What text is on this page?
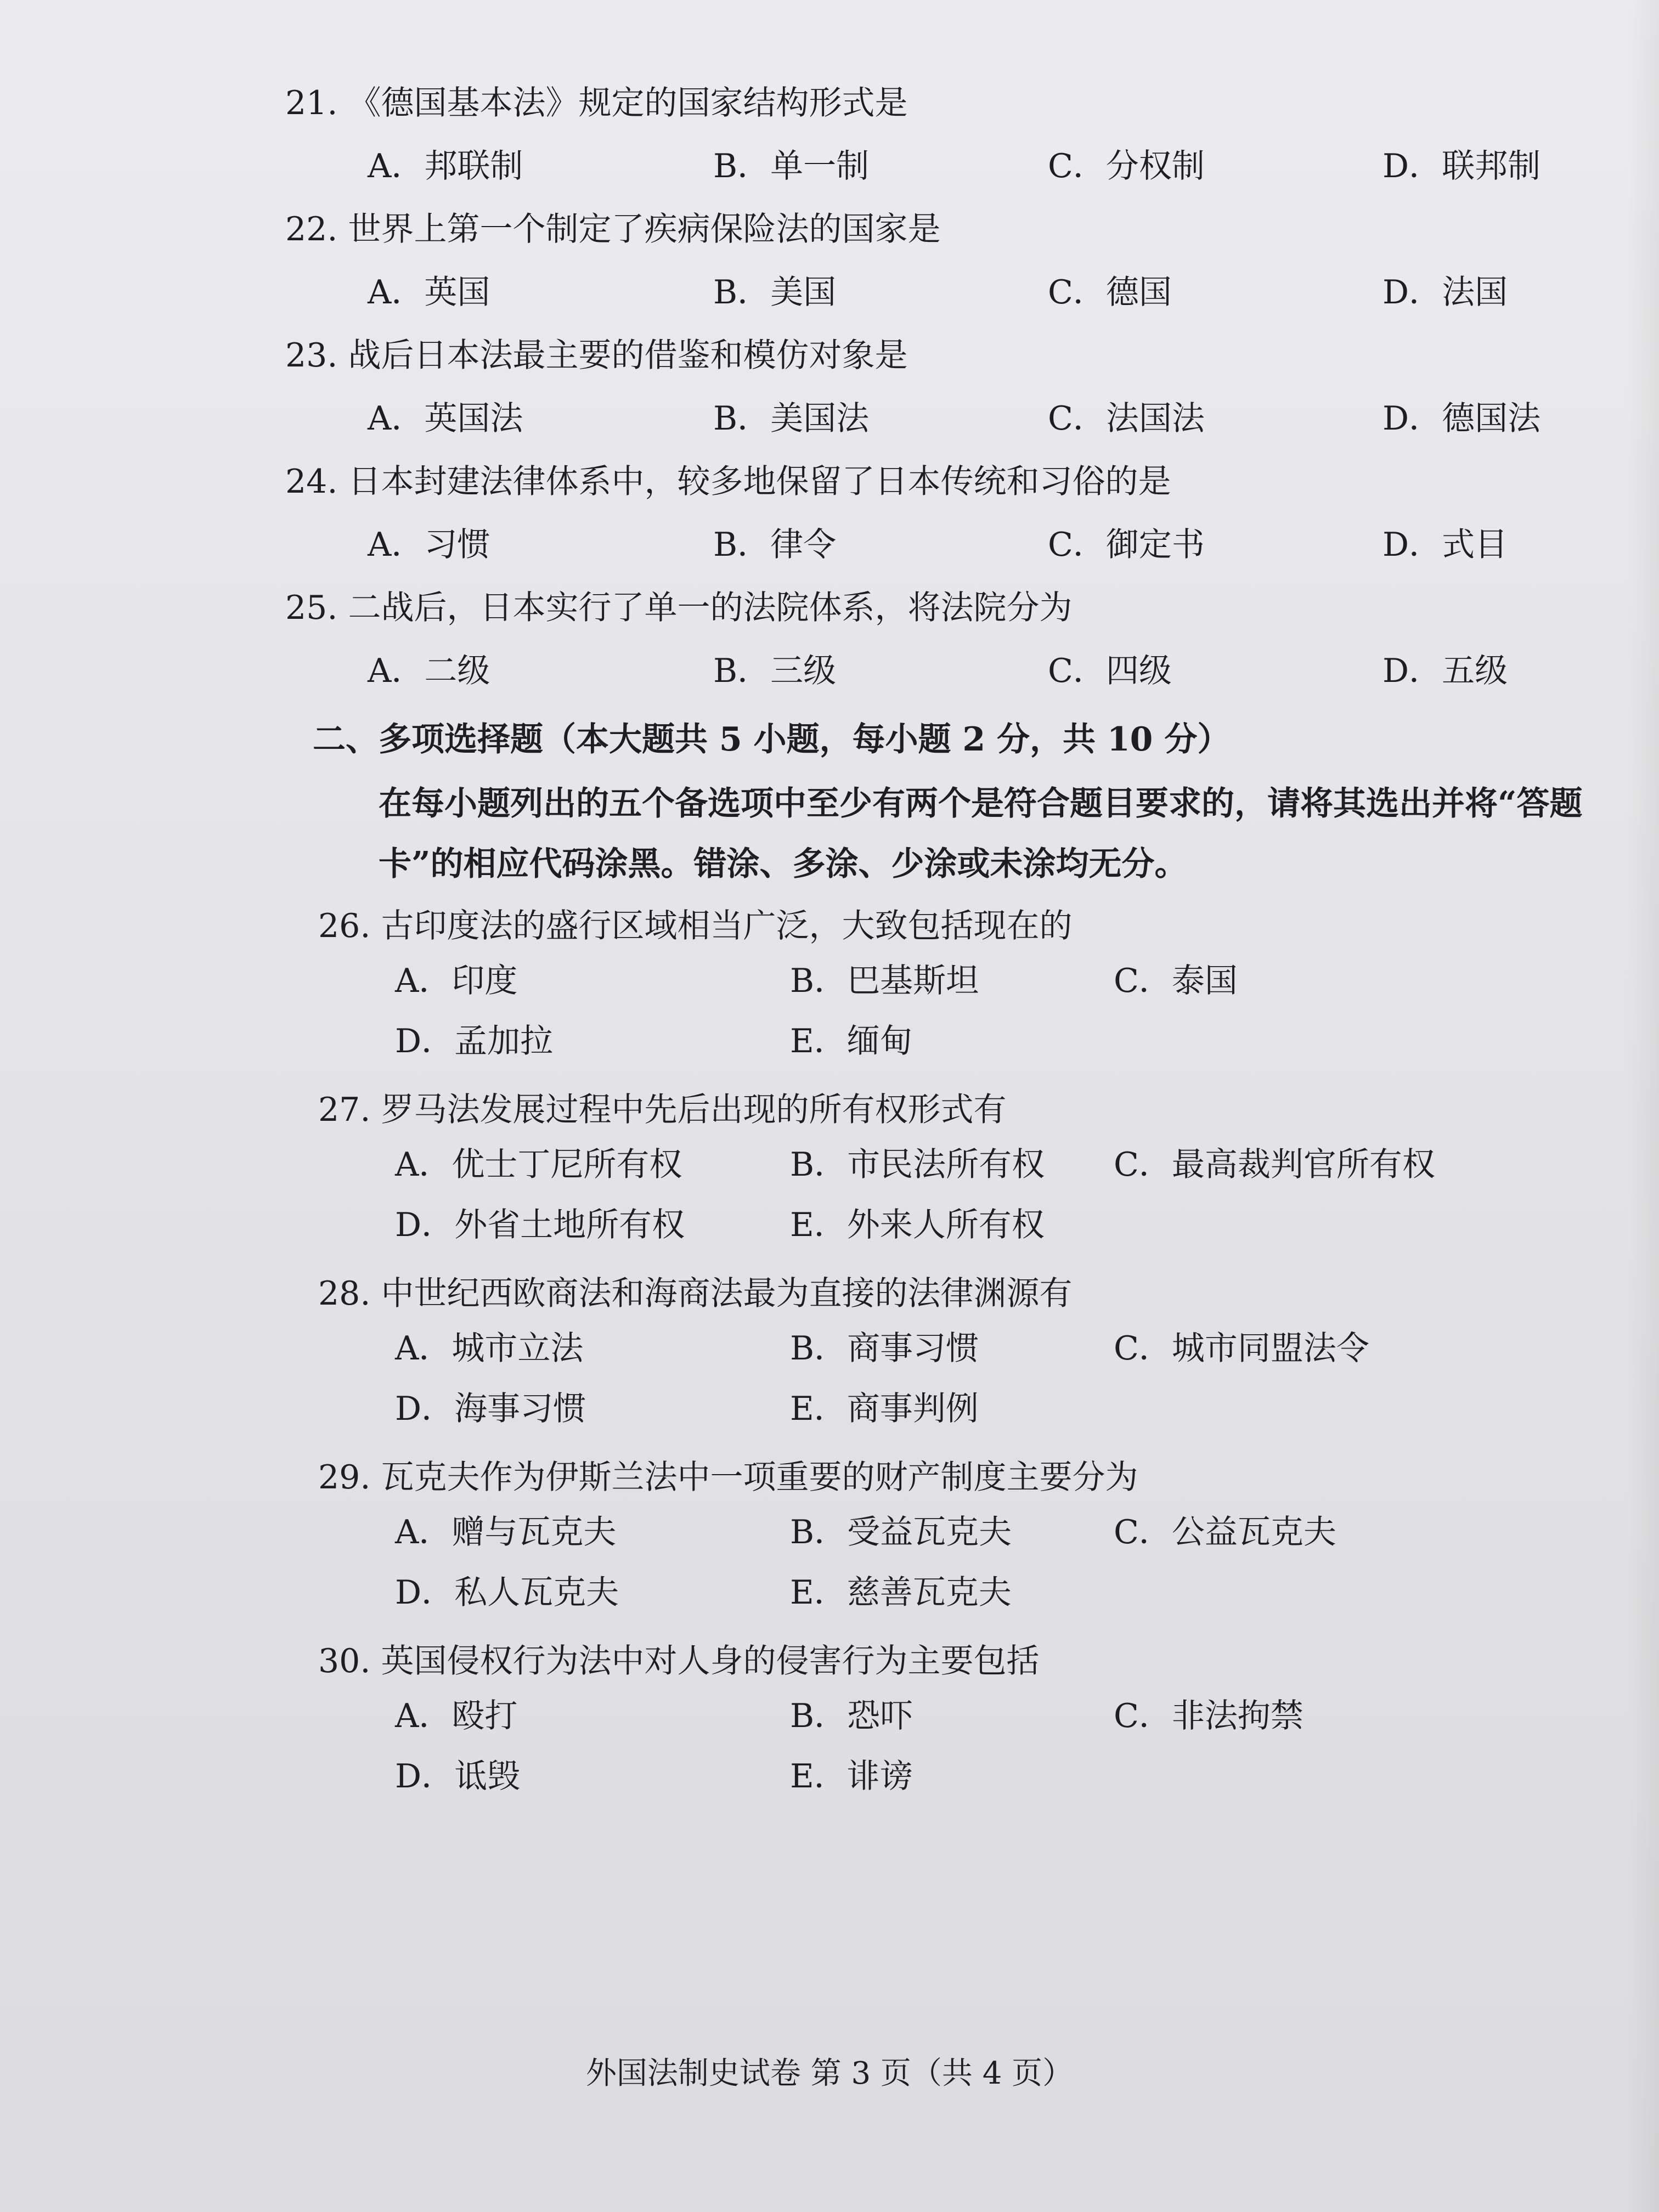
21. 《德国基本法》规定的国家结构形式是
A．邦联制	B．单一制	C．分权制	D．联邦制
22. 世界上第一个制定了疾病保险法的国家是
A．英国	B．美国	C．德国	D．法国
23. 战后日本法最主要的借鉴和模仿对象是
A．英国法	B．美国法	C．法国法	D．德国法
24. 日本封建法律体系中，较多地保留了日本传统和习俗的是
A．习惯	B．律令	C．御定书	D．式目
25. 二战后，日本实行了单一的法院体系，将法院分为
A．二级	B．三级	C．四级	D．五级
二、多项选择题（本大题共 5 小题，每小题 2 分，共 10 分）
在每小题列出的五个备选项中至少有两个是符合题目要求的，请将其选出并将“答题卡”的相应代码涂黑。错涂、多涂、少涂或未涂均无分。
26. 古印度法的盛行区域相当广泛，大致包括现在的
A．印度	B．巴基斯坦	C．泰国
D．孟加拉	E．缅甸
27. 罗马法发展过程中先后出现的所有权形式有
A．优士丁尼所有权	B．市民法所有权 C．最高裁判官所有权
D．外省土地所有权	E．外来人所有权
28. 中世纪西欧商法和海商法最为直接的法律渊源有
A．城市立法	B．商事习惯	C．城市同盟法令
D．海事习惯	E．商事判例
29. 瓦克夫作为伊斯兰法中一项重要的财产制度主要分为
A．赠与瓦克夫	B．受益瓦克夫	C．公益瓦克夫
D．私人瓦克夫	E．慈善瓦克夫
30. 英国侵权行为法中对人身的侵害行为主要包括
A．殴打	B．恐吓	C．非法拘禁
D．诋毁	E．诽谤
外国法制史试卷 第 3 页（共 4 页）
